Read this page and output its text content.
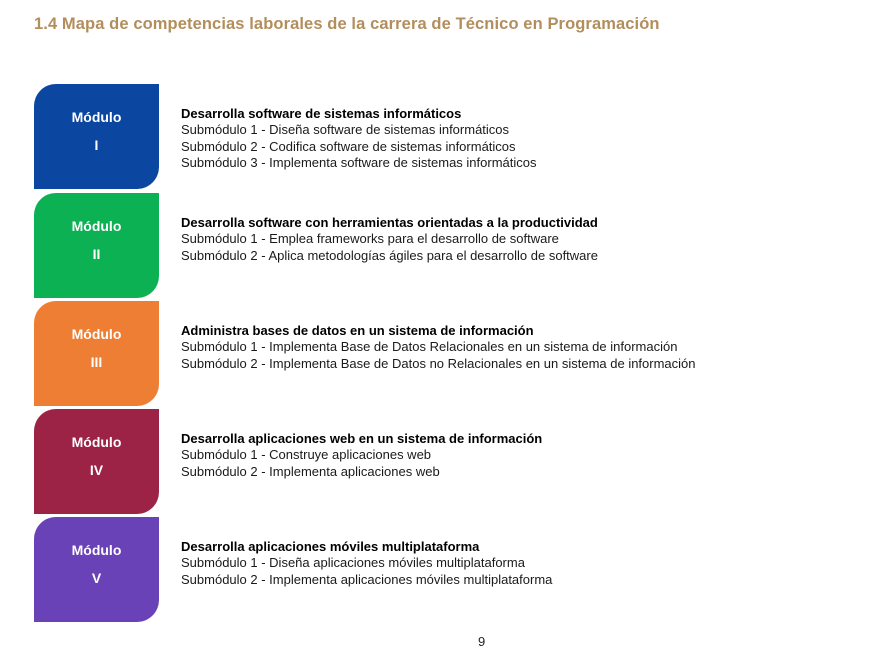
1.4 Mapa de competencias laborales de la carrera de Técnico en Programación
Módulo
I
Desarrolla software de sistemas informáticos
Submódulo 1 - Diseña software de sistemas informáticos
Submódulo 2 - Codifica software de sistemas informáticos
Submódulo 3 - Implementa software de sistemas informáticos
Módulo
II
Desarrolla software con herramientas orientadas a la productividad
Submódulo 1 - Emplea frameworks para el desarrollo de software
Submódulo 2 - Aplica metodologías ágiles para el desarrollo de software
Módulo
III
Administra bases de datos en un sistema de información
Submódulo 1 - Implementa Base de Datos Relacionales en un sistema de información
Submódulo 2 - Implementa Base de Datos no Relacionales en un sistema de información
Módulo
IV
Desarrolla aplicaciones web en un sistema de información
Submódulo 1 - Construye aplicaciones web
Submódulo 2 - Implementa aplicaciones web
Módulo
V
Desarrolla aplicaciones móviles multiplataforma
Submódulo 1 - Diseña aplicaciones móviles multiplataforma
Submódulo 2 - Implementa aplicaciones móviles multiplataforma
9
